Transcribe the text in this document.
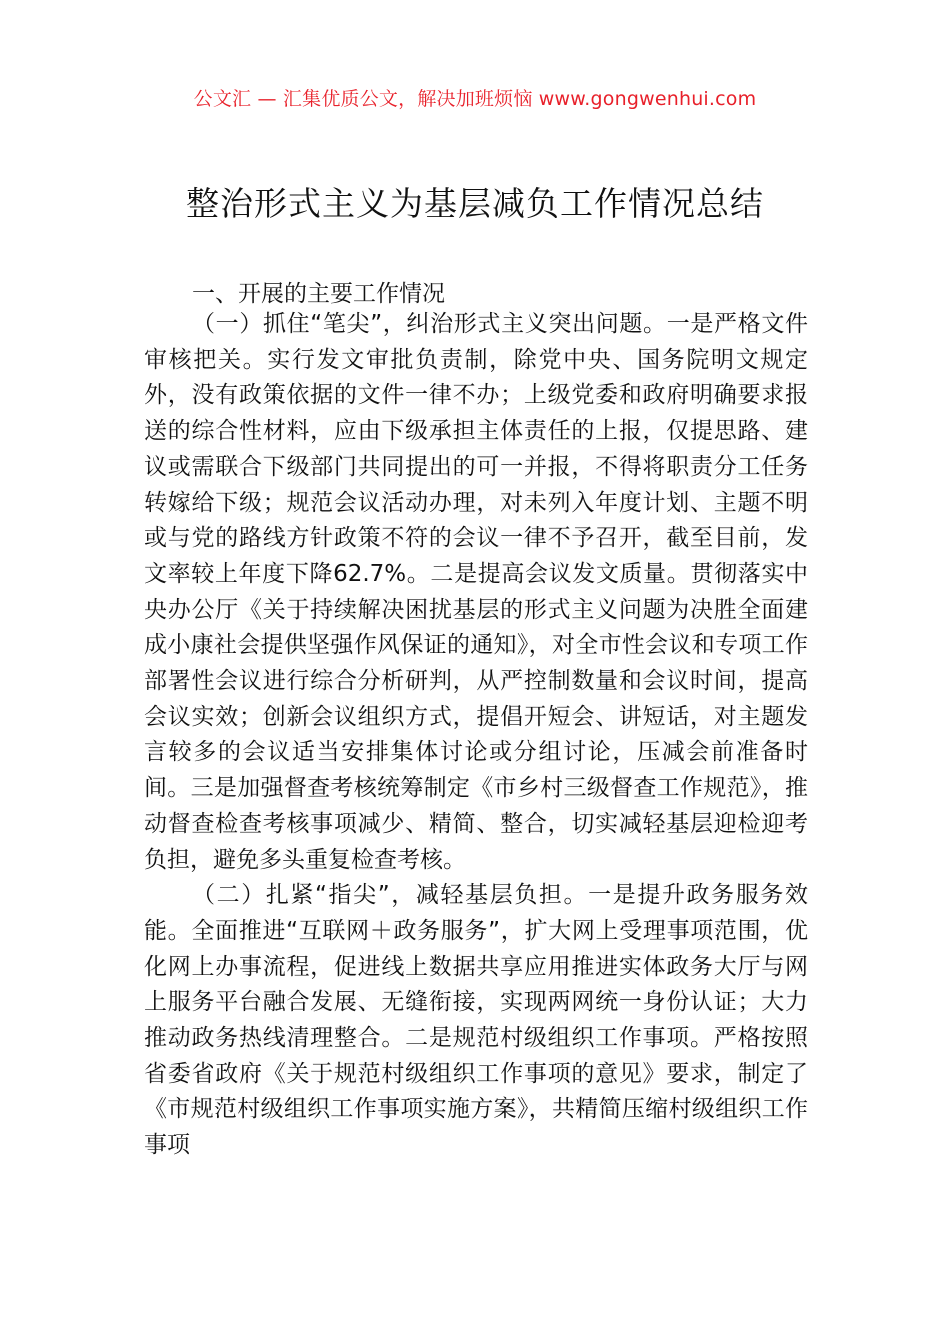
公文汇 — 汇集优质公文，解决加班烦恼 www.gongwenhui.com
整治形式主义为基层减负工作情况总结
一、开展的主要工作情况

（一）抓住“笔尖”，纠治形式主义突出问题。一是严格文件审核把关。实行发文审批负责制，除党中央、国务院明文规定外，没有政策依据的文件一律不办；上级党委和政府明确要求报送的综合性材料，应由下级承担主体责任的上报，仅提思路、建议或需联合下级部门共同提出的可一并报，不得将职责分工任务转嫁给下级；规范会议活动办理，对未列入年度计划、主题不明或与党的路线方针政策不符的会议一律不予召开，截至目前，发文率较上年度下降62.7%。二是提高会议发文质量。贯彻落实中央办公厅《关于持续解决困扰基层的形式主义问题为决胜全面建成小康社会提供坚强作风保证的通知》，对全市性会议和专项工作部署性会议进行综合分析研判，从严控制数量和会议时间，提高会议实效；创新会议组织方式，提倡开短会、讲短话，对主题发言较多的会议适当安排集体讨论或分组讨论，压减会前准备时间。三是加强督查考核统筹制定《市乡村三级督查工作规范》，推动督查检查考核事项减少、精简、整合，切实减轻基层迎检迎考负担，避免多头重复检查考核。

（二）扎紧“指尖”，减轻基层负担。一是提升政务服务效能。全面推进“互联网＋政务服务”，扩大网上受理事项范围，优化网上办事流程，促进线上数据共享应用推进实体政务大厅与网上服务平台融合发展、无缝衔接，实现两网统一身份认证；大力推动政务热线清理整合。二是规范村级组织工作事项。严格按照省委省政府《关于规范村级组织工作事项的意见》要求，制定了《市规范村级组织工作事项实施方案》，共精简压缩村级组织工作事项
